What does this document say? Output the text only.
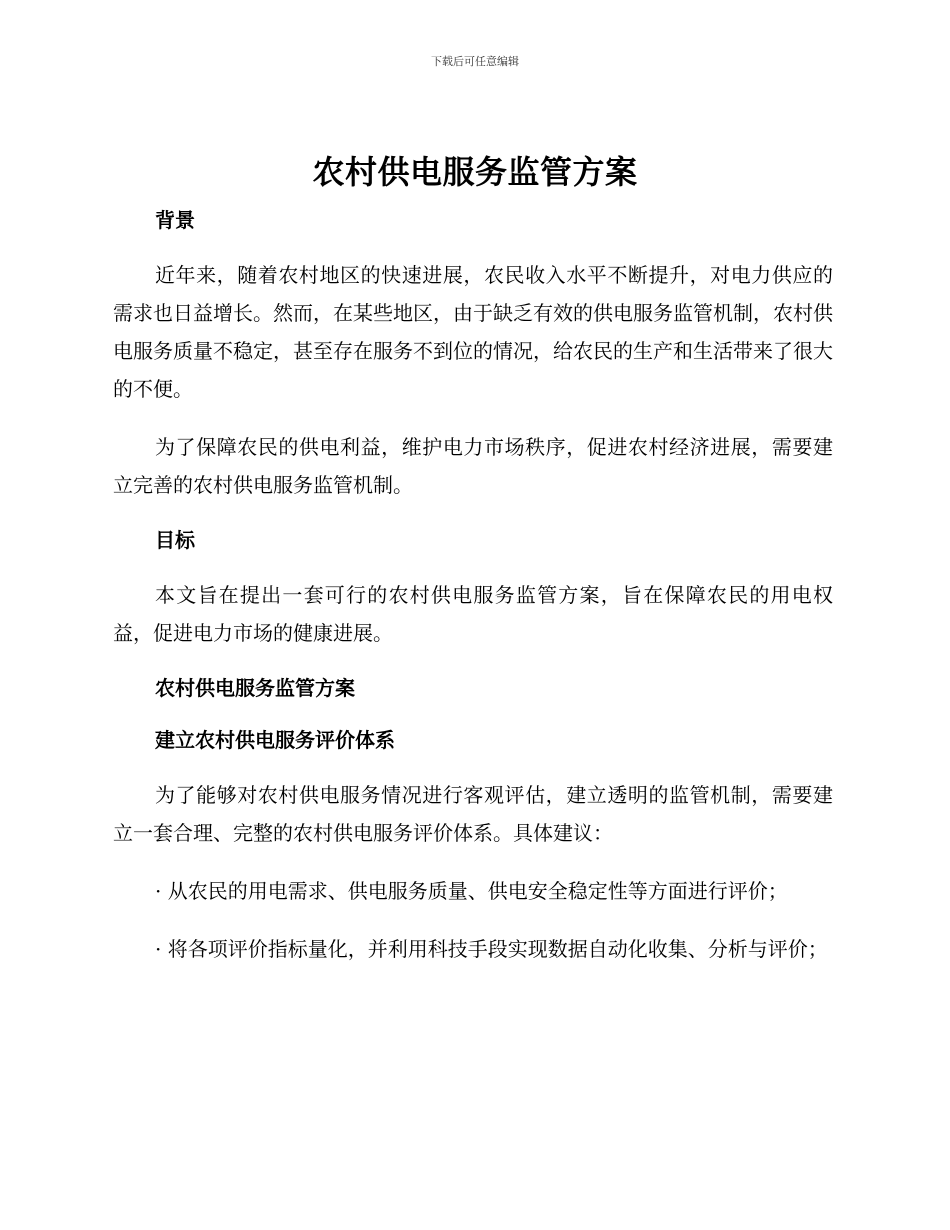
下载后可任意编辑
农村供电服务监管方案
背景

近年来，随着农村地区的快速进展，农民收入水平不断提升，对电力供应的需求也日益增长。然而，在某些地区，由于缺乏有效的供电服务监管机制，农村供电服务质量不稳定，甚至存在服务不到位的情况，给农民的生产和生活带来了很大的不便。

为了保障农民的供电利益，维护电力市场秩序，促进农村经济进展，需要建立完善的农村供电服务监管机制。

目标

本文旨在提出一套可行的农村供电服务监管方案，旨在保障农民的用电权益，促进电力市场的健康进展。

农村供电服务监管方案
建立农村供电服务评价体系

为了能够对农村供电服务情况进行客观评估，建立透明的监管机制，需要建立一套合理、完整的农村供电服务评价体系。具体建议：

· 从农民的用电需求、供电服务质量、供电安全稳定性等方面进行评价；

· 将各项评价指标量化，并利用科技手段实现数据自动化收集、分析与评价；
